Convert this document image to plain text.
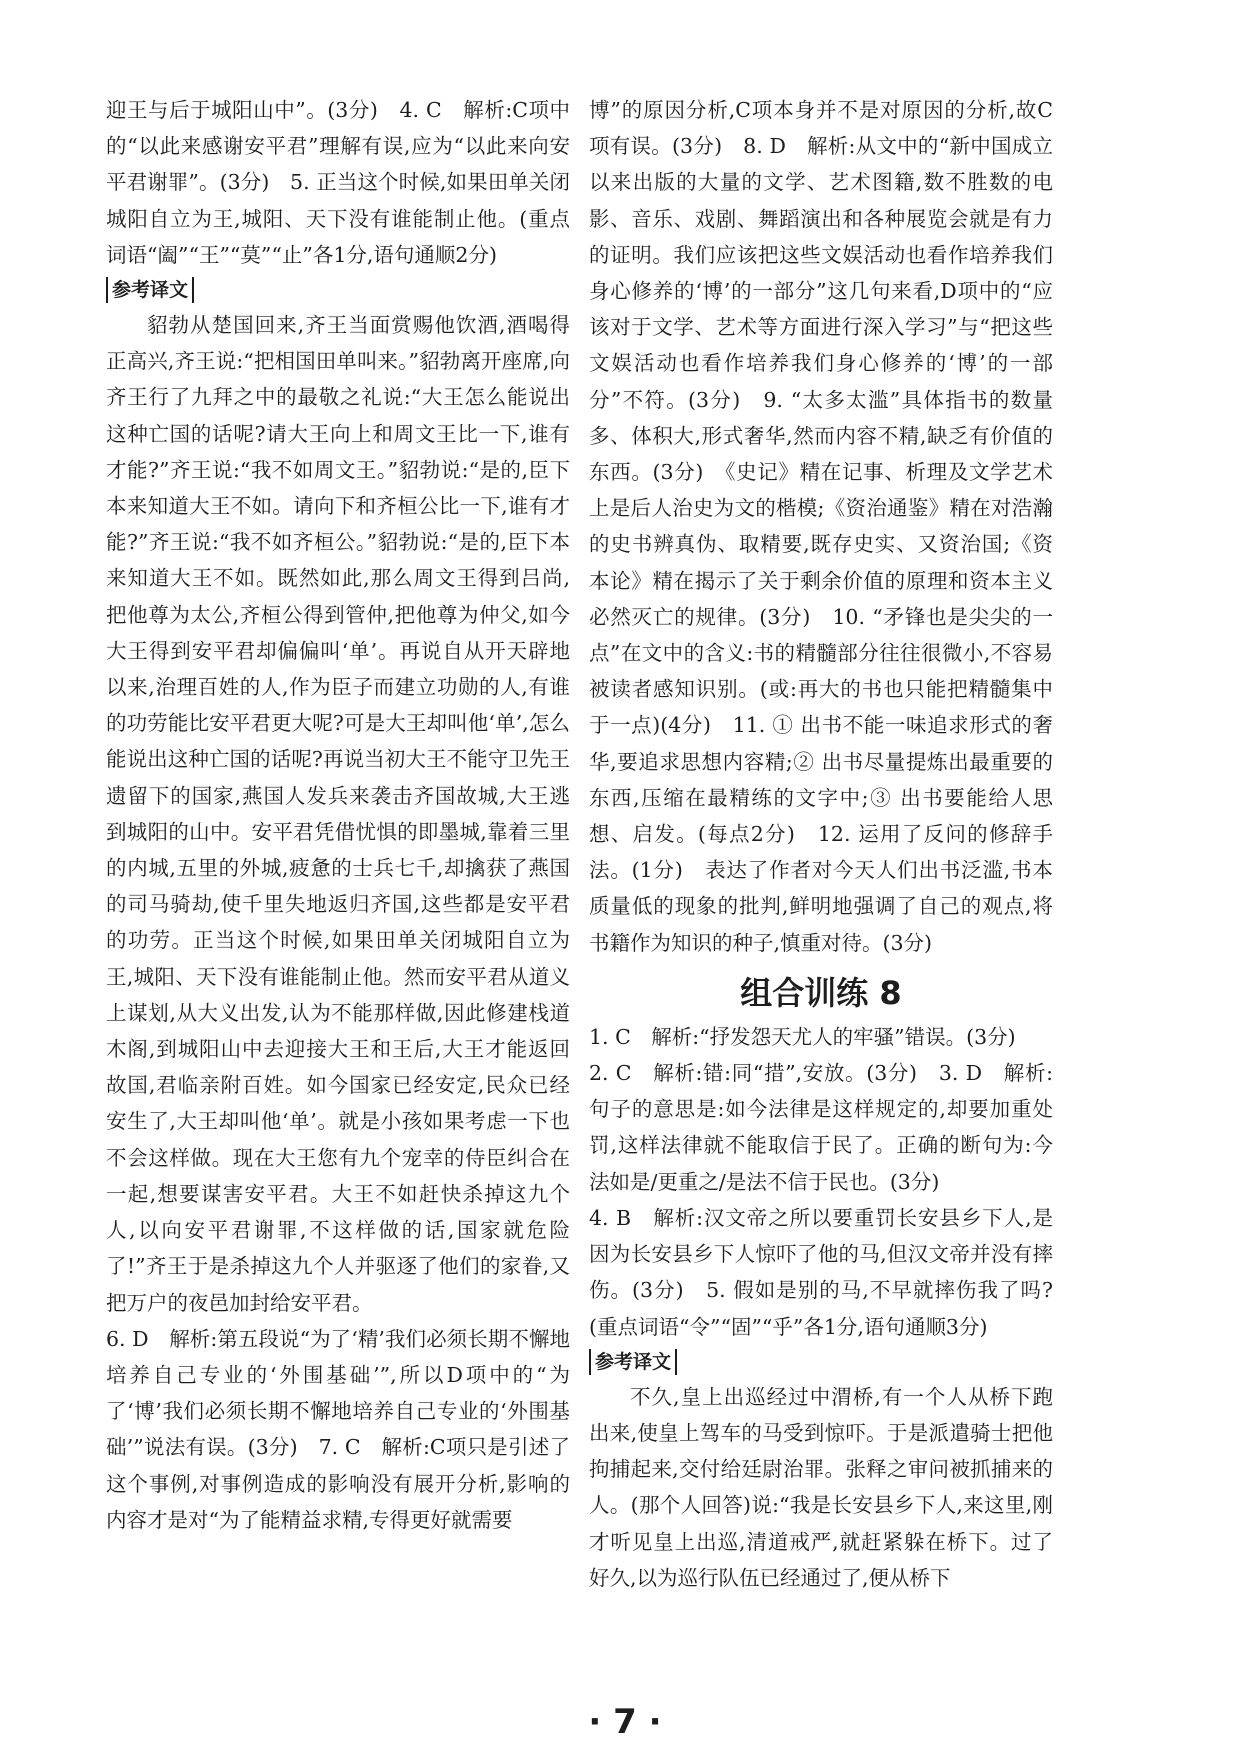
迎王与后于城阳山中”。(3分)　4. C　解析:C项中的“以此来感谢安平君”理解有误,应为“以此来向安平君谢罪”。(3分)　5. 正当这个时候,如果田单关闭城阳自立为王,城阳、天下没有谁能制止他。(重点词语“阖”“王”“莫”“止”各1分,语句通顺2分)

参考译文

貂勃从楚国回来,齐王当面赏赐他饮酒,酒喝得正高兴,齐王说:“把相国田单叫来。”貂勃离开座席,向齐王行了九拜之中的最敬之礼说:“大王怎么能说出这种亡国的话呢?请大王向上和周文王比一下,谁有才能?”齐王说:“我不如周文王。”貂勃说:“是的,臣下本来知道大王不如。请向下和齐桓公比一下,谁有才能?”齐王说:“我不如齐桓公。”貂勃说:“是的,臣下本来知道大王不如。既然如此,那么周文王得到吕尚,把他尊为太公,齐桓公得到管仲,把他尊为仲父,如今大王得到安平君却偏偏叫‘单’。再说自从开天辟地以来,治理百姓的人,作为臣子而建立功勋的人,有谁的功劳能比安平君更大呢?可是大王却叫他‘单’,怎么能说出这种亡国的话呢?再说当初大王不能守卫先王遗留下的国家,燕国人发兵来袭击齐国故城,大王逃到城阳的山中。安平君凭借忧惧的即墨城,靠着三里的内城,五里的外城,疲惫的士兵七千,却擒获了燕国的司马骑劫,使千里失地返归齐国,这些都是安平君的功劳。正当这个时候,如果田单关闭城阳自立为王,城阳、天下没有谁能制止他。然而安平君从道义上谋划,从大义出发,认为不能那样做,因此修建栈道木阁,到城阳山中去迎接大王和王后,大王才能返回故国,君临亲附百姓。如今国家已经安定,民众已经安生了,大王却叫他‘单’。就是小孩如果考虑一下也不会这样做。现在大王您有九个宠幸的侍臣纠合在一起,想要谋害安平君。大王不如赶快杀掉这九个人,以向安平君谢罪,不这样做的话,国家就危险了!”齐王于是杀掉这九个人并驱逐了他们的家眷,又把万户的夜邑加封给安平君。

6. D　解析:第五段说“为了‘精’我们必须长期不懈地培养自己专业的‘外围基础’”,所以D项中的“为了‘博’我们必须长期不懈地培养自己专业的‘外围基础’”说法有误。(3分)　7. C　解析:C项只是引述了这个事例,对事例造成的影响没有展开分析,影响的内容才是对“为了能精益求精,专得更好就需要

博”的原因分析,C项本身并不是对原因的分析,故C项有误。(3分)　8. D　解析:从文中的“新中国成立以来出版的大量的文学、艺术图籍,数不胜数的电影、音乐、戏剧、舞蹈演出和各种展览会就是有力的证明。我们应该把这些文娱活动也看作培养我们身心修养的‘博’的一部分”这几句来看,D项中的“应该对于文学、艺术等方面进行深入学习”与“把这些文娱活动也看作培养我们身心修养的‘博’的一部分”不符。(3分)　9. “太多太滥”具体指书的数量多、体积大,形式奢华,然而内容不精,缺乏有价值的东西。(3分)　《史记》精在记事、析理及文学艺术上是后人治史为文的楷模;《资治通鉴》精在对浩瀚的史书辨真伪、取精要,既存史实、又资治国;《资本论》精在揭示了关于剩余价值的原理和资本主义必然灭亡的规律。(3分)　10. “矛锋也是尖尖的一点”在文中的含义:书的精髓部分往往很微小,不容易被读者感知识别。(或:再大的书也只能把精髓集中于一点)(4分)　11. ① 出书不能一味追求形式的奢华,要追求思想内容精;② 出书尽量提炼出最重要的东西,压缩在最精练的文字中;③ 出书要能给人思想、启发。(每点2分)　12. 运用了反问的修辞手法。(1分)　表达了作者对今天人们出书泛滥,书本质量低的现象的批判,鲜明地强调了自己的观点,将书籍作为知识的种子,慎重对待。(3分)

组合训练 8

1. C　解析:“抒发怨天尤人的牢骚”错误。(3分)

2. C　解析:错:同“措”,安放。(3分)　3. D　解析:句子的意思是:如今法律是这样规定的,却要加重处罚,这样法律就不能取信于民了。正确的断句为:今法如是/更重之/是法不信于民也。(3分)

4. B　解析:汉文帝之所以要重罚长安县乡下人,是因为长安县乡下人惊吓了他的马,但汉文帝并没有摔伤。(3分)　5. 假如是别的马,不早就摔伤我了吗?(重点词语“令”“固”“乎”各1分,语句通顺3分)

参考译文

不久,皇上出巡经过中渭桥,有一个人从桥下跑出来,使皇上驾车的马受到惊吓。于是派遣骑士把他拘捕起来,交付给廷尉治罪。张释之审问被抓捕来的人。(那个人回答)说:“我是长安县乡下人,来这里,刚才听见皇上出巡,清道戒严,就赶紧躲在桥下。过了好久,以为巡行队伍已经通过了,便从桥下

· 7 ·
